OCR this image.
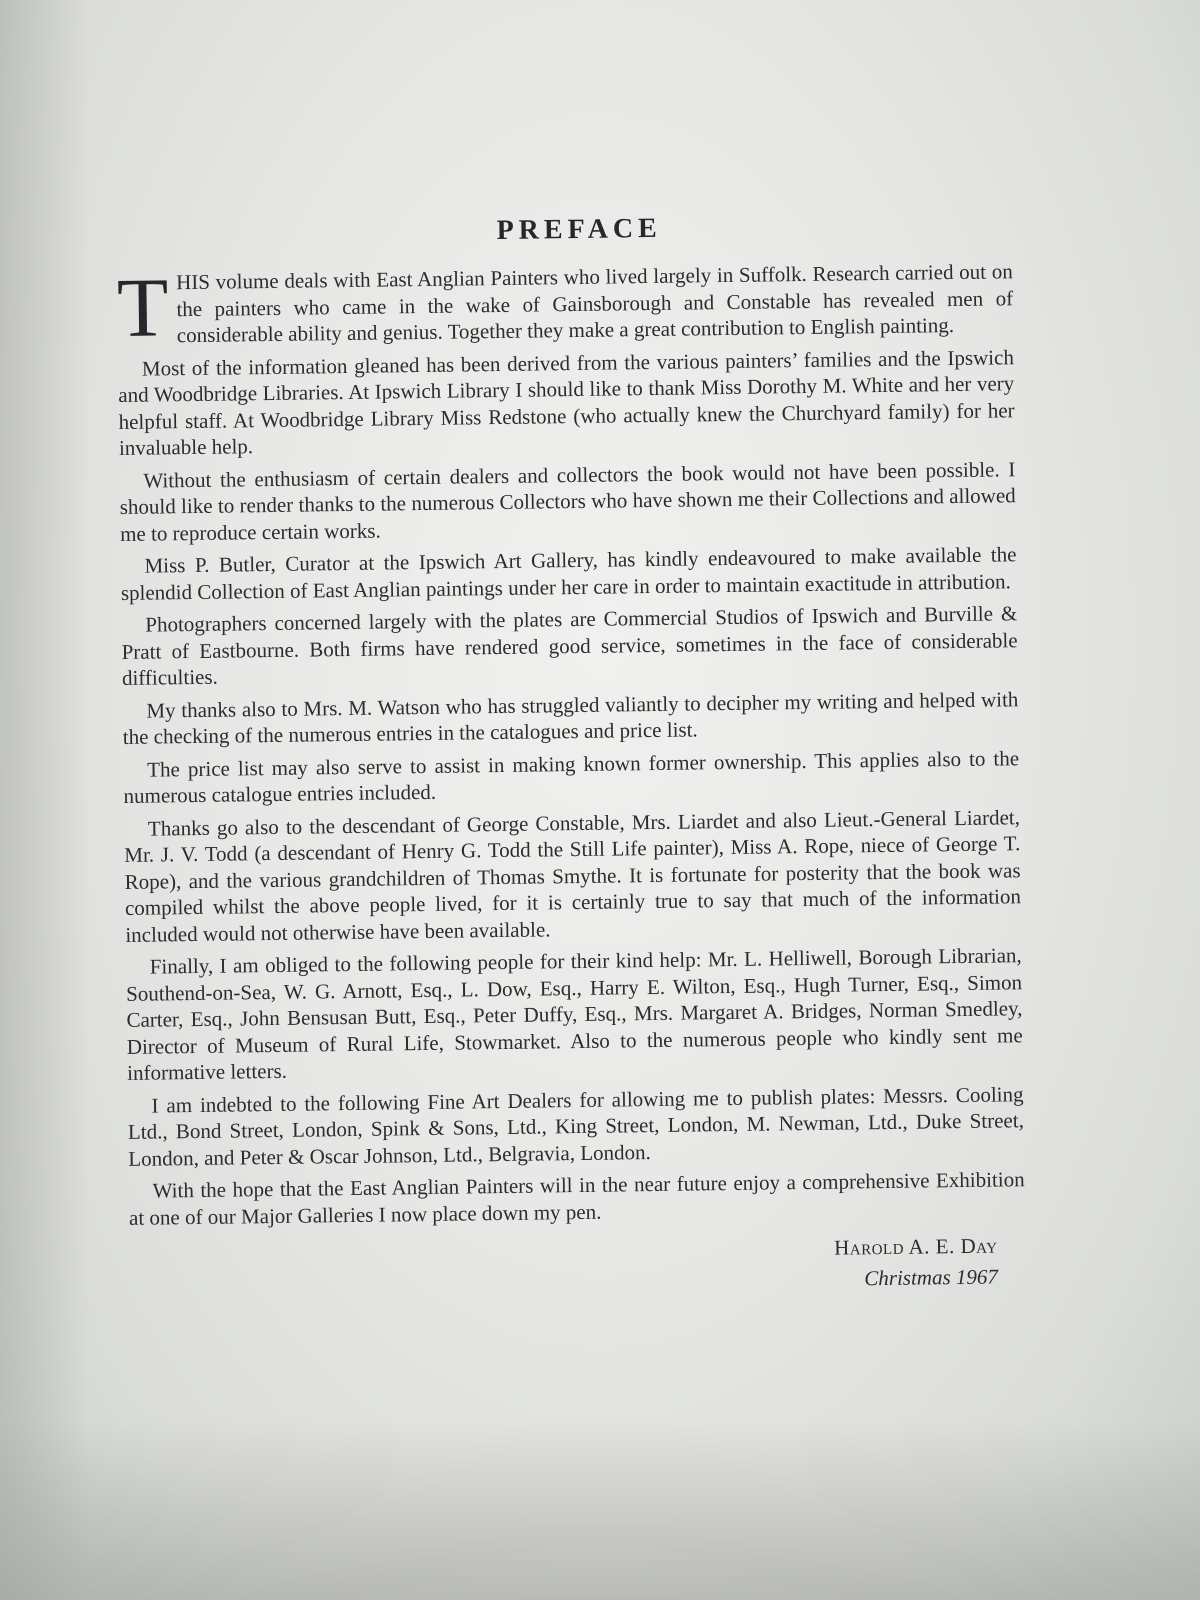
PREFACE

THIS volume deals with East Anglian Painters who lived largely in Suffolk. Research carried out on the painters who came in the wake of Gainsborough and Constable has revealed men of considerable ability and genius. Together they make a great contribution to English painting.

Most of the information gleaned has been derived from the various painters’ families and the Ipswich and Woodbridge Libraries. At Ipswich Library I should like to thank Miss Dorothy M. White and her very helpful staff. At Woodbridge Library Miss Redstone (who actually knew the Churchyard family) for her invaluable help.

Without the enthusiasm of certain dealers and collectors the book would not have been possible. I should like to render thanks to the numerous Collectors who have shown me their Collections and allowed me to reproduce certain works.

Miss P. Butler, Curator at the Ipswich Art Gallery, has kindly endeavoured to make available the splendid Collection of East Anglian paintings under her care in order to maintain exactitude in attribution.

Photographers concerned largely with the plates are Commercial Studios of Ipswich and Burville & Pratt of Eastbourne. Both firms have rendered good service, sometimes in the face of considerable difficulties.

My thanks also to Mrs. M. Watson who has struggled valiantly to decipher my writing and helped with the checking of the numerous entries in the catalogues and price list.

The price list may also serve to assist in making known former ownership. This applies also to the numerous catalogue entries included.

Thanks go also to the descendant of George Constable, Mrs. Liardet and also Lieut.-General Liardet, Mr. J. V. Todd (a descendant of Henry G. Todd the Still Life painter), Miss A. Rope, niece of George T. Rope), and the various grandchildren of Thomas Smythe. It is fortunate for posterity that the book was compiled whilst the above people lived, for it is certainly true to say that much of the information included would not otherwise have been available.

Finally, I am obliged to the following people for their kind help: Mr. L. Helliwell, Borough Librarian, Southend-on-Sea, W. G. Arnott, Esq., L. Dow, Esq., Harry E. Wilton, Esq., Hugh Turner, Esq., Simon Carter, Esq., John Bensusan Butt, Esq., Peter Duffy, Esq., Mrs. Margaret A. Bridges, Norman Smedley, Director of Museum of Rural Life, Stowmarket. Also to the numerous people who kindly sent me informative letters.

I am indebted to the following Fine Art Dealers for allowing me to publish plates: Messrs. Cooling Ltd., Bond Street, London, Spink & Sons, Ltd., King Street, London, M. Newman, Ltd., Duke Street, London, and Peter & Oscar Johnson, Ltd., Belgravia, London.

With the hope that the East Anglian Painters will in the near future enjoy a comprehensive Exhibition at one of our Major Galleries I now place down my pen.

Harold A. E. Day
Christmas 1967
